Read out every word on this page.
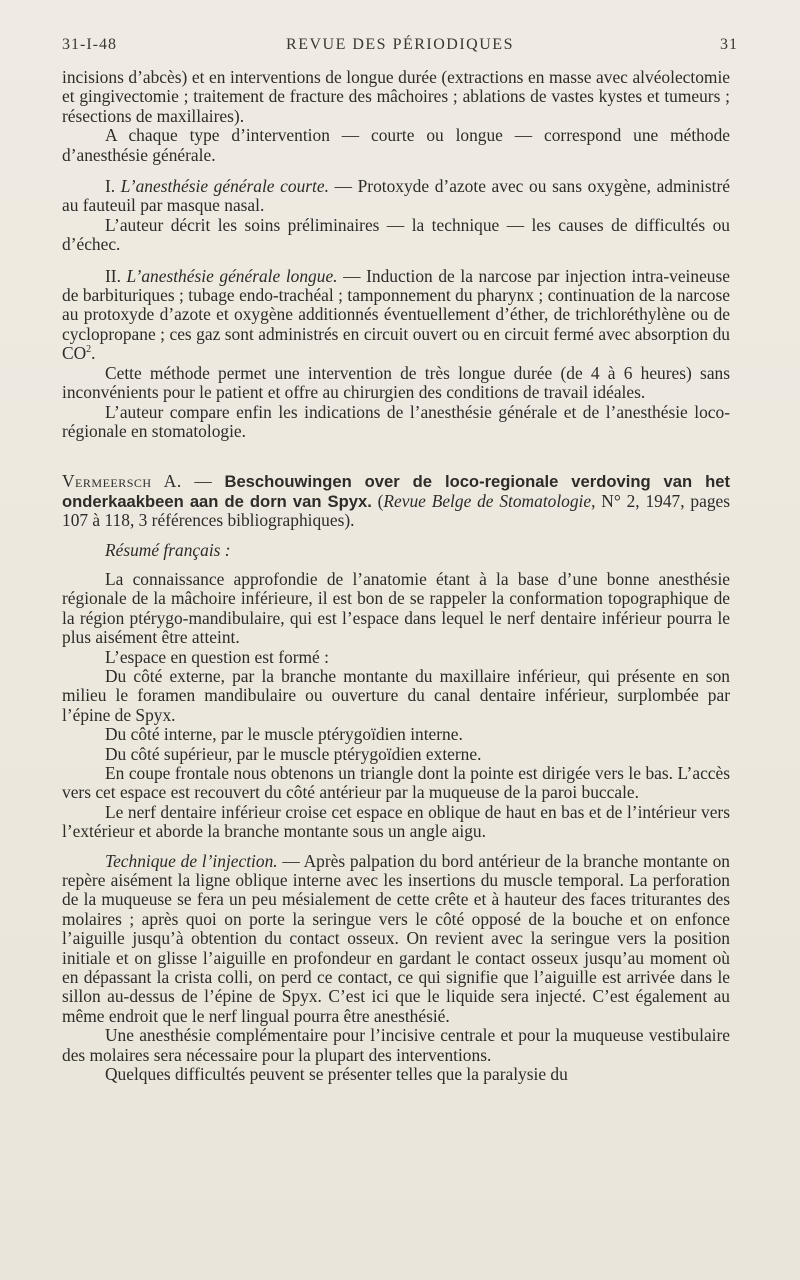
31-I-48	REVUE DES PÉRIODIQUES	31

incisions d’abcès) et en interventions de longue durée (extractions en masse avec alvéolectomie et gingivectomie ; traitement de fracture des mâchoires ; ablations de vastes kystes et tumeurs ; résections de maxillaires).

A chaque type d’intervention — courte ou longue — correspond une méthode d’anesthésie générale.

I. L’anesthésie générale courte. — Protoxyde d’azote avec ou sans oxygène, administré au fauteuil par masque nasal.

L’auteur décrit les soins préliminaires — la technique — les causes de difficultés ou d’échec.

II. L’anesthésie générale longue. — Induction de la narcose par injection intra-veineuse de barbituriques ; tubage endo-trachéal ; tamponnement du pharynx ; continuation de la narcose au protoxyde d’azote et oxygène additionnés éventuellement d’éther, de trichloréthylène ou de cyclopropane ; ces gaz sont administrés en circuit ouvert ou en circuit fermé avec absorption du $CO^2$.

Cette méthode permet une intervention de très longue durée (de 4 à 6 heures) sans inconvénients pour le patient et offre au chirurgien des conditions de travail idéales.

L’auteur compare enfin les indications de l’anesthésie générale et de l’anesthésie loco-régionale en stomatologie.

Vermeersch A. — Beschouwingen over de loco-regionale verdoving van het onderkaakbeen aan de dorn van Spyx. (Revue Belge de Stomatologie, N° 2, 1947, pages 107 à 118, 3 références bibliographiques).

Résumé français :

La connaissance approfondie de l’anatomie étant à la base d’une bonne anesthésie régionale de la mâchoire inférieure, il est bon de se rappeler la conformation topographique de la région ptérygo-mandibulaire, qui est l’espace dans lequel le nerf dentaire inférieur pourra le plus aisément être atteint.

L’espace en question est formé :

Du côté externe, par la branche montante du maxillaire inférieur, qui présente en son milieu le foramen mandibulaire ou ouverture du canal dentaire inférieur, surplombée par l’épine de Spyx.

Du côté interne, par le muscle ptérygoïdien interne.

Du côté supérieur, par le muscle ptérygoïdien externe.

En coupe frontale nous obtenons un triangle dont la pointe est dirigée vers le bas. L’accès vers cet espace est recouvert du côté antérieur par la muqueuse de la paroi buccale.

Le nerf dentaire inférieur croise cet espace en oblique de haut en bas et de l’intérieur vers l’extérieur et aborde la branche montante sous un angle aigu.

Technique de l’injection. — Après palpation du bord antérieur de la branche montante on repère aisément la ligne oblique interne avec les insertions du muscle temporal. La perforation de la muqueuse se fera un peu mésialement de cette crête et à hauteur des faces triturantes des molaires ; après quoi on porte la seringue vers le côté opposé de la bouche et on enfonce l’aiguille jusqu’à obtention du contact osseux. On revient avec la seringue vers la position initiale et on glisse l’aiguille en profondeur en gardant le contact osseux jusqu’au moment où en dépassant la crista colli, on perd ce contact, ce qui signifie que l’aiguille est arrivée dans le sillon au-dessus de l’épine de Spyx. C’est ici que le liquide sera injecté. C’est également au même endroit que le nerf lingual pourra être anesthésié.

Une anesthésie complémentaire pour l’incisive centrale et pour la muqueuse vestibulaire des molaires sera nécessaire pour la plupart des interventions.

Quelques difficultés peuvent se présenter telles que la paralysie du
